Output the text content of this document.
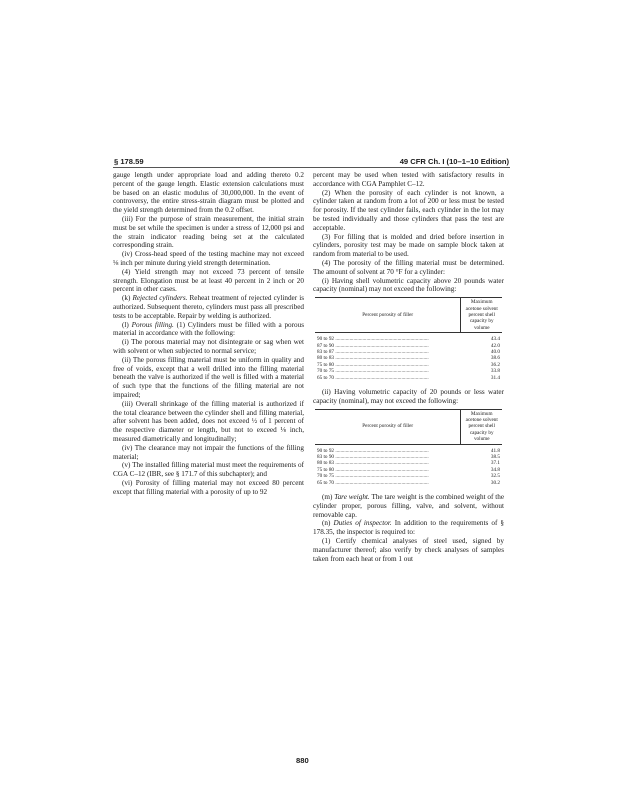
§ 178.59	49 CFR Ch. I (10–1–10 Edition)

gauge length under appropriate load and adding thereto 0.2 percent of the gauge length. Elastic extension calculations must be based on an elastic modulus of 30,000,000. In the event of controversy, the entire stress-strain diagram must be plotted and the yield strength determined from the 0.2 offset.

(iii) For the purpose of strain measurement, the initial strain must be set while the specimen is under a stress of 12,000 psi and the strain indicator reading being set at the calculated corresponding strain.

(iv) Cross-head speed of the testing machine may not exceed ⅛ inch per minute during yield strength determination.

(4) Yield strength may not exceed 73 percent of tensile strength. Elongation must be at least 40 percent in 2 inch or 20 percent in other cases.

(k) Rejected cylinders. Reheat treatment of rejected cylinder is authorized. Subsequent thereto, cylinders must pass all prescribed tests to be acceptable. Repair by welding is authorized.

(l) Porous filling. (1) Cylinders must be filled with a porous material in accordance with the following:

(i) The porous material may not disintegrate or sag when wet with solvent or when subjected to normal service;

(ii) The porous filling material must be uniform in quality and free of voids, except that a well drilled into the filling material beneath the valve is authorized if the well is filled with a material of such type that the functions of the filling material are not impaired;

(iii) Overall shrinkage of the filling material is authorized if the total clearance between the cylinder shell and filling material, after solvent has been added, does not exceed ½ of 1 percent of the respective diameter or length, but not to exceed ⅛ inch, measured diametrically and longitudinally;

(iv) The clearance may not impair the functions of the filling material;

(v) The installed filling material must meet the requirements of CGA C–12 (IBR, see § 171.7 of this subchapter); and

(vi) Porosity of filling material may not exceed 80 percent except that filling material with a porosity of up to 92

percent may be used when tested with satisfactory results in accordance with CGA Pamphlet C–12.

(2) When the porosity of each cylinder is not known, a cylinder taken at random from a lot of 200 or less must be tested for porosity. If the test cylinder fails, each cylinder in the lot may be tested individually and those cylinders that pass the test are acceptable.

(3) For filling that is molded and dried before insertion in cylinders, porosity test may be made on sample block taken at random from material to be used.

(4) The porosity of the filling material must be determined. The amount of solvent at 70 °F for a cylinder:

(i) Having shell volumetric capacity above 20 pounds water capacity (nominal) may not exceed the following:

Percent porosity of filler	Maximum acetone solvent percent shell capacity by volume
90 to 92 ........................................................................	43.4
87 to 90 ........................................................................	42.0
83 to 87 ........................................................................	40.0
80 to 83 ........................................................................	38.6
75 to 80 ........................................................................	36.2
70 to 75 ........................................................................	33.8
65 to 70 ........................................................................	31.4

(ii) Having volumetric capacity of 20 pounds or less water capacity (nominal), may not exceed the following:

Percent porosity of filler	Maximum acetone solvent percent shell capacity by volume
90 to 92 ........................................................................	41.8
83 to 90 ........................................................................	38.5
80 to 83 ........................................................................	37.1
75 to 80 ........................................................................	34.8
70 to 75 ........................................................................	32.5
65 to 70 ........................................................................	30.2

(m) Tare weight. The tare weight is the combined weight of the cylinder proper, porous filling, valve, and solvent, without removable cap.

(n) Duties of inspector. In addition to the requirements of § 178.35, the inspector is required to:

(1) Certify chemical analyses of steel used, signed by manufacturer thereof; also verify by check analyses of samples taken from each heat or from 1 out

880
